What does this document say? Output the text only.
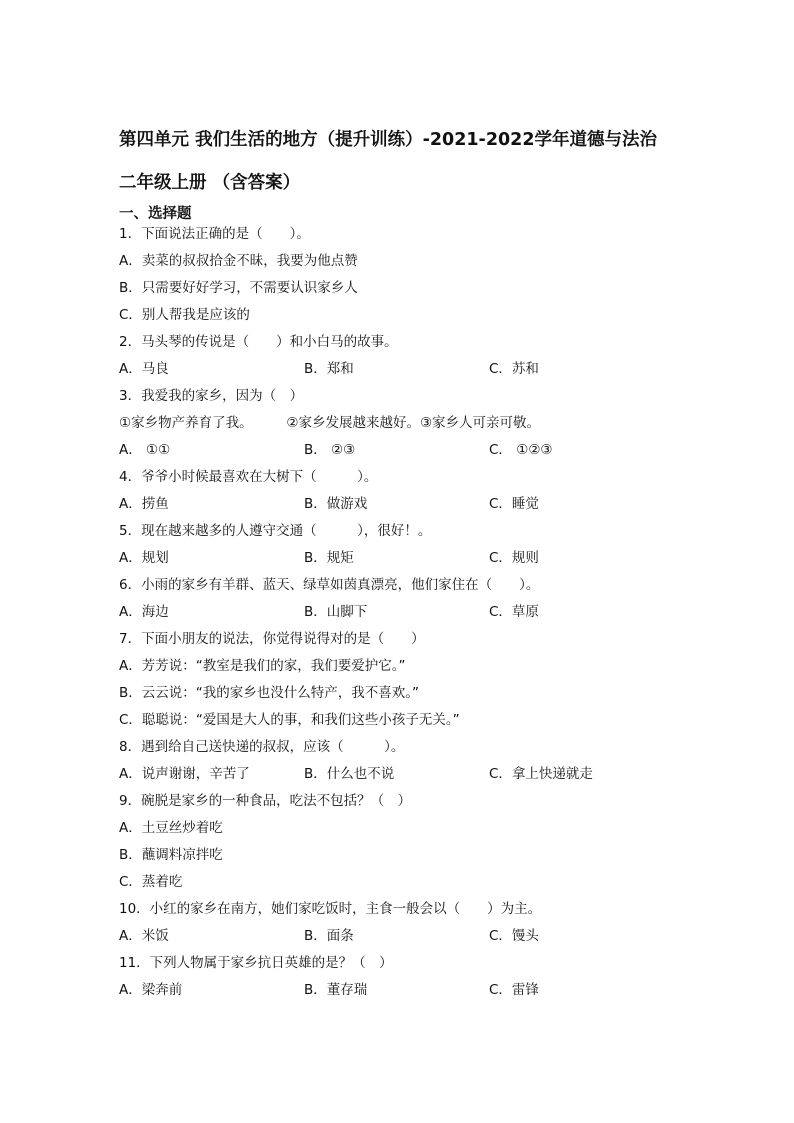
第四单元 我们生活的地方（提升训练）-2021-2022学年道德与法治
二年级上册 （含答案）
一、选择题
1．下面说法正确的是（　　）。
A．卖菜的叔叔拾金不昧，我要为他点赞
B．只需要好好学习，不需要认识家乡人
C．别人帮我是应该的
2．马头琴的传说是（　　）和小白马的故事。
A．马良	B．郑和	C．苏和
3．我爱我的家乡，因为（　）
①家乡物产养育了我。　　　②家乡发展越来越好。③家乡人可亲可敬。
A． ①①	B． ②③	C． ①②③
4．爷爷小时候最喜欢在大树下（　　　）。
A．捞鱼	B．做游戏	C．睡觉
5．现在越来越多的人遵守交通（　　　），很好！。
A．规划	B．规矩	C．规则
6．小雨的家乡有羊群、蓝天、绿草如茵真漂亮，他们家住在（　　）。
A．海边	B．山脚下	C．草原
7．下面小朋友的说法，你觉得说得对的是（　　）
A．芳芳说：“教室是我们的家，我们要爱护它。”
B．云云说：“我的家乡也没什么特产，我不喜欢。”
C．聪聪说：“爱国是大人的事，和我们这些小孩子无关。”
8．遇到给自己送快递的叔叔，应该（　　　）。
A．说声谢谢，辛苦了	B．什么也不说	C．拿上快递就走
9．碗脱是家乡的一种食品，吃法不包括？（　）
A．土豆丝炒着吃
B．蘸调料凉拌吃
C．蒸着吃
10．小红的家乡在南方，她们家吃饭时，主食一般会以（　　）为主。
A．米饭	B．面条	C．馒头
11．下列人物属于家乡抗日英雄的是？（　）
A．梁奔前	B．董存瑞	C．雷锋
